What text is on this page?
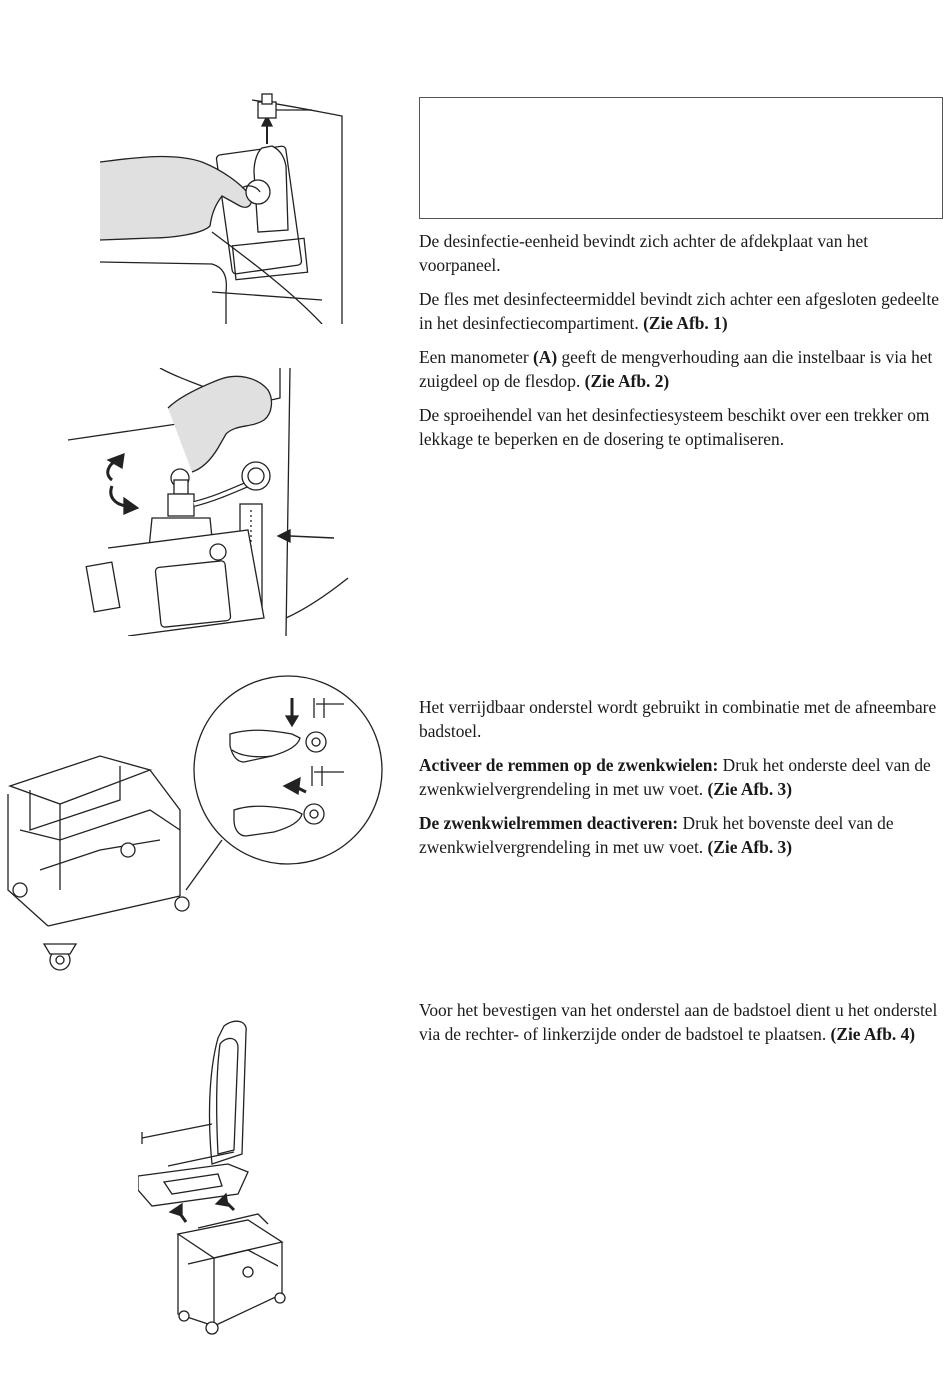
De desinfectie-eenheid bevindt zich achter de afdekplaat van het voorpaneel.

De fles met desinfecteermiddel bevindt zich achter een afgesloten gedeelte in het desinfectiecompartiment. (Zie Afb. 1)

Een manometer (A) geeft de mengverhouding aan die instelbaar is via het zuigdeel op de flesdop. (Zie Afb. 2)

De sproeihendel van het desinfectiesysteem beschikt over een trekker om lekkage te beperken en de dosering te optimaliseren.

Het verrijdbaar onderstel wordt gebruikt in combinatie met de afneembare badstoel.

Activeer de remmen op de zwenkwielen: Druk het onderste deel van de zwenkwielvergrendeling in met uw voet. (Zie Afb. 3)

De zwenkwielremmen deactiveren: Druk het bovenste deel van de zwenkwielvergrendeling in met uw voet. (Zie Afb. 3)

Voor het bevestigen van het onderstel aan de badstoel dient u het onderstel via de rechter- of linkerzijde onder de badstoel te plaatsen. (Zie Afb. 4)
